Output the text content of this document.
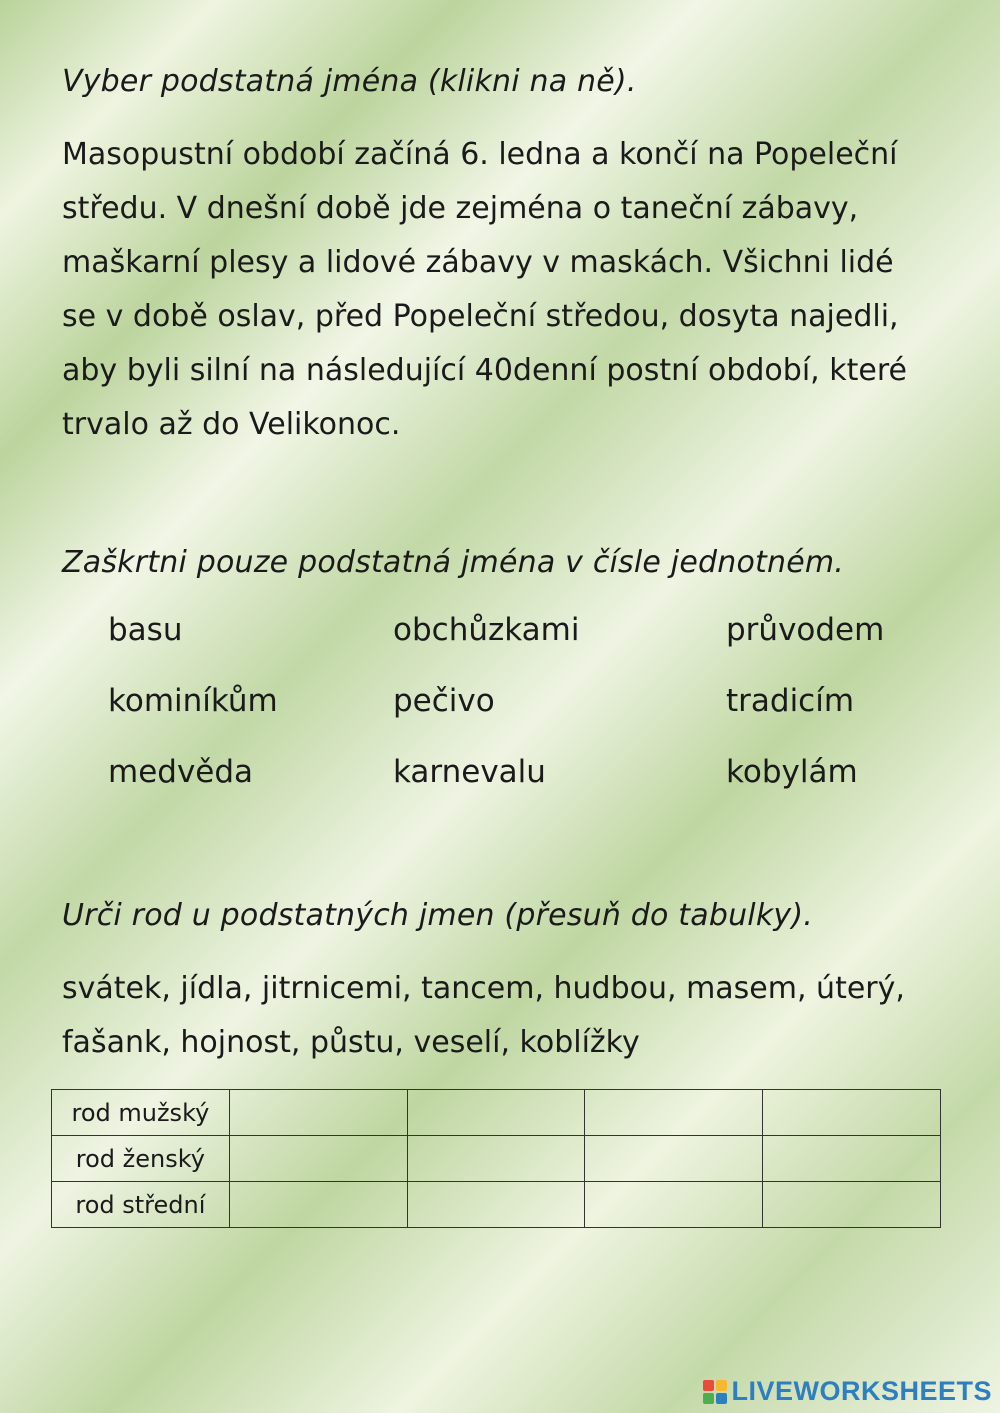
Vyber podstatná jména (klikni na ně).
Masopustní období začíná 6. ledna a končí na Popeleční
středu. V dnešní době jde zejména o taneční zábavy,
maškarní plesy a lidové zábavy v maskách. Všichni lidé
se v době oslav, před Popeleční středou, dosyta najedli,
aby byli silní na následující 40denní postní období, které
trvalo až do Velikonoc.
Zaškrtni pouze podstatná jména v čísle jednotném.
basu	obchůzkami	průvodem
kominíkům	pečivo	tradicím
medvěda	karnevalu	kobylám
Urči rod u podstatných jmen (přesuň do tabulky).
svátek, jídla, jitrnicemi, tancem, hudbou, masem, úterý,
fašank, hojnost, půstu, veselí, koblížky
rod mužský				
rod ženský				
rod střední				
LIVEWORKSHEETS
